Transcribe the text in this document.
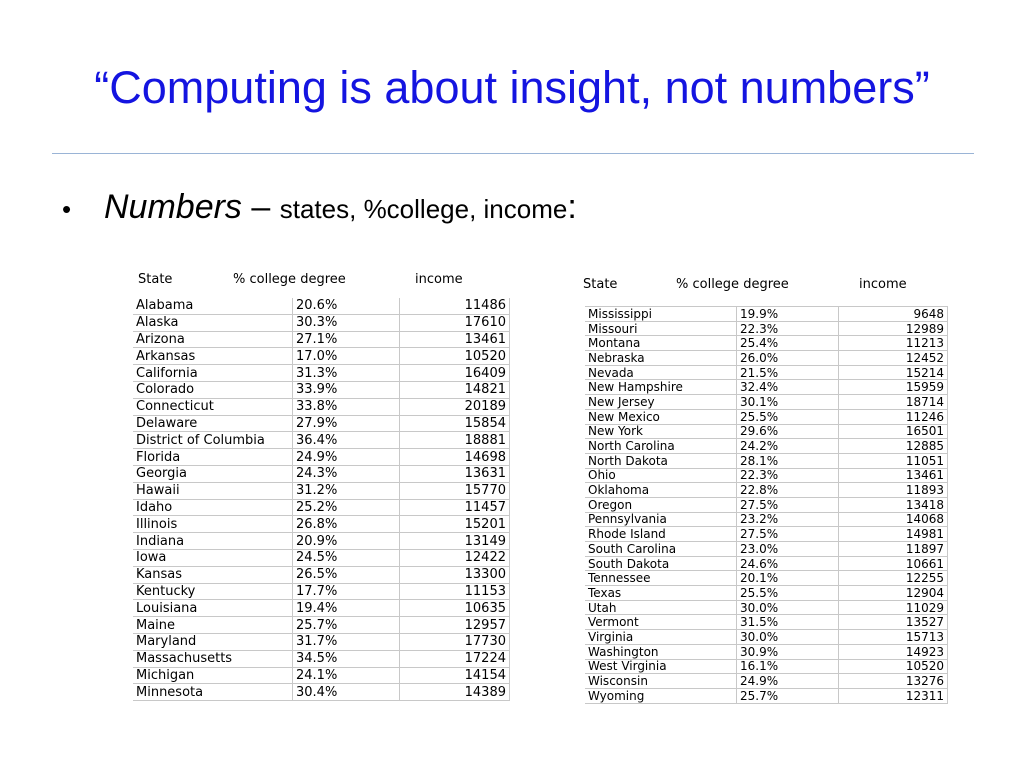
“Computing is about insight, not numbers”
• Numbers – states, %college, income:
State	% college degree	income
Alabama	20.6%	11486
Alaska	30.3%	17610
Arizona	27.1%	13461
Arkansas	17.0%	10520
California	31.3%	16409
Colorado	33.9%	14821
Connecticut	33.8%	20189
Delaware	27.9%	15854
District of Columbia	36.4%	18881
Florida	24.9%	14698
Georgia	24.3%	13631
Hawaii	31.2%	15770
Idaho	25.2%	11457
Illinois	26.8%	15201
Indiana	20.9%	13149
Iowa	24.5%	12422
Kansas	26.5%	13300
Kentucky	17.7%	11153
Louisiana	19.4%	10635
Maine	25.7%	12957
Maryland	31.7%	17730
Massachusetts	34.5%	17224
Michigan	24.1%	14154
Minnesota	30.4%	14389
State	% college degree	income
Mississippi	19.9%	9648
Missouri	22.3%	12989
Montana	25.4%	11213
Nebraska	26.0%	12452
Nevada	21.5%	15214
New Hampshire	32.4%	15959
New Jersey	30.1%	18714
New Mexico	25.5%	11246
New York	29.6%	16501
North Carolina	24.2%	12885
North Dakota	28.1%	11051
Ohio	22.3%	13461
Oklahoma	22.8%	11893
Oregon	27.5%	13418
Pennsylvania	23.2%	14068
Rhode Island	27.5%	14981
South Carolina	23.0%	11897
South Dakota	24.6%	10661
Tennessee	20.1%	12255
Texas	25.5%	12904
Utah	30.0%	11029
Vermont	31.5%	13527
Virginia	30.0%	15713
Washington	30.9%	14923
West Virginia	16.1%	10520
Wisconsin	24.9%	13276
Wyoming	25.7%	12311
